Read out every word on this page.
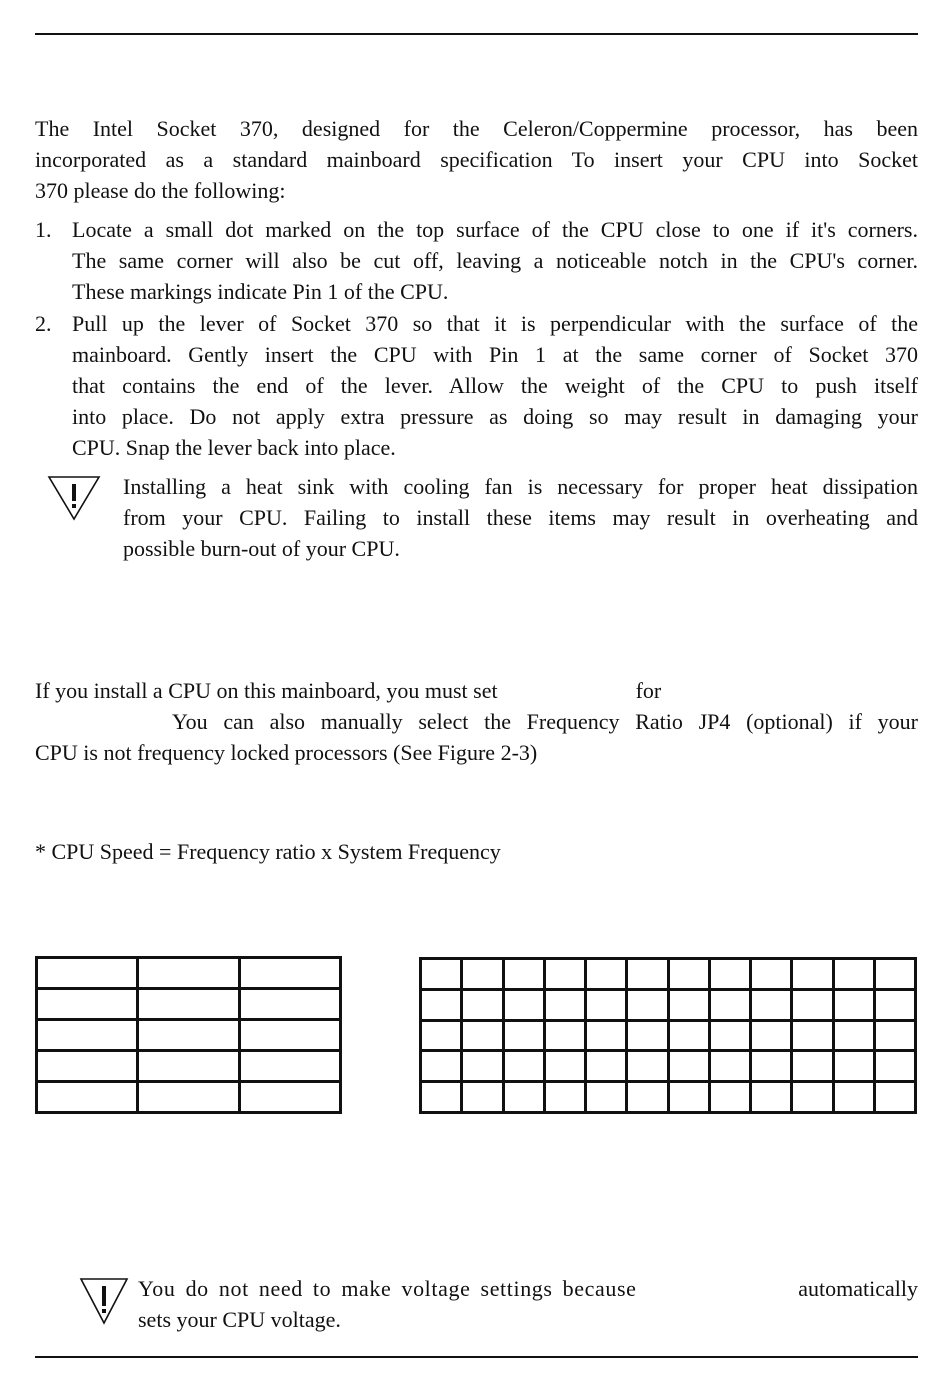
The Intel Socket 370, designed for the Celeron/Coppermine processor, has been
incorporated as a standard mainboard specification To insert your CPU into Socket
370 please do the following:
1. Locate a small dot marked on the top surface of the CPU close to one if it's corners.
The same corner will also be cut off, leaving a noticeable notch in the CPU's corner.
These markings indicate Pin 1 of the CPU.
2. Pull up the lever of Socket 370 so that it is perpendicular with the surface of the
mainboard. Gently insert the CPU with Pin 1 at the same corner of Socket 370
that contains the end of the lever. Allow the weight of the CPU to push itself
into place. Do not apply extra pressure as doing so may result in damaging your
CPU. Snap the lever back into place.
Installing a heat sink with cooling fan is necessary for proper heat dissipation
from your CPU. Failing to install these items may result in overheating and
possible burn-out of your CPU.
If you install a CPU on this mainboard, you must set	for
You can also manually select the Frequency Ratio JP4 (optional) if your
CPU is not frequency locked processors (See Figure 2-3)
* CPU Speed = Frequency ratio x System Frequency

You do not need to make voltage settings because	automatically
sets your CPU voltage.
